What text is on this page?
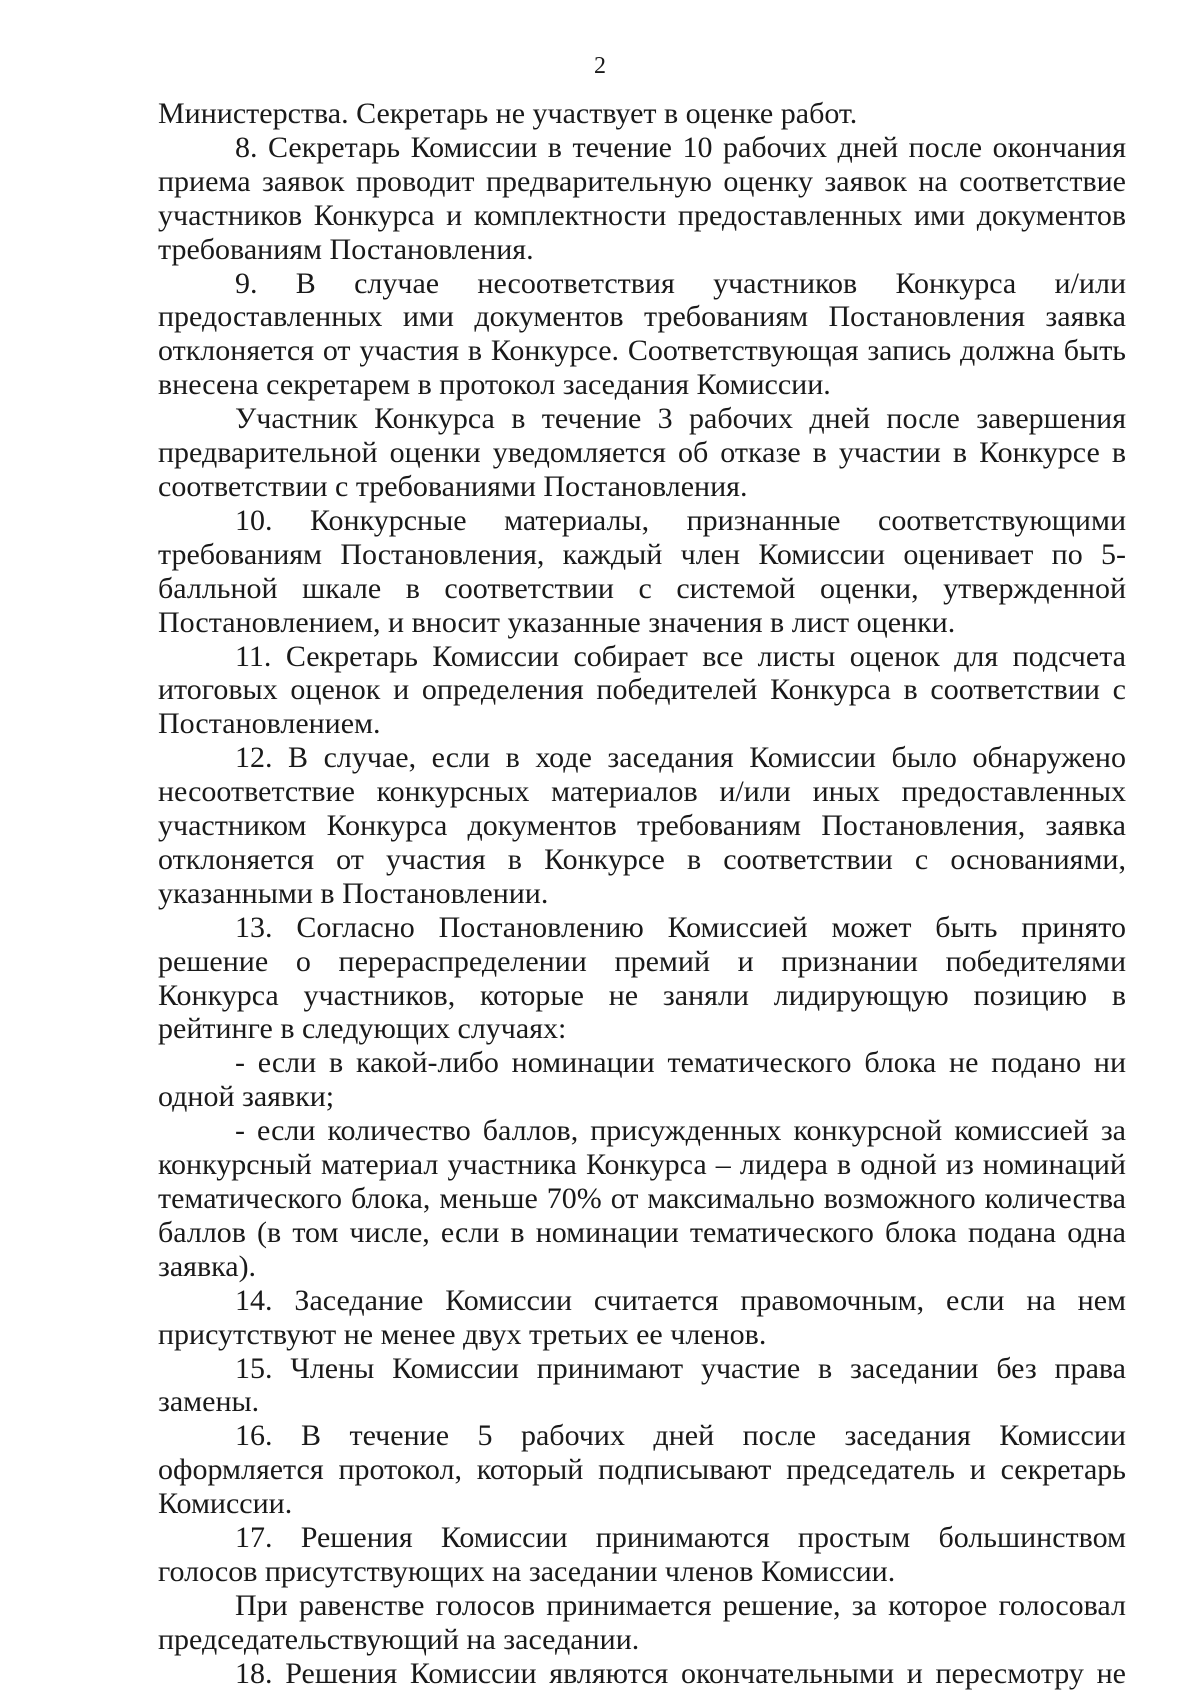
2

Министерства. Секретарь не участвует в оценке работ.

8. Секретарь Комиссии в течение 10 рабочих дней после окончания приема заявок проводит предварительную оценку заявок на соответствие участников Конкурса и комплектности предоставленных ими документов требованиям Постановления.

9. В случае несоответствия участников Конкурса и/или предоставленных ими документов требованиям Постановления заявка отклоняется от участия в Конкурсе. Соответствующая запись должна быть внесена секретарем в протокол заседания Комиссии.

Участник Конкурса в течение 3 рабочих дней после завершения предварительной оценки уведомляется об отказе в участии в Конкурсе в соответствии с требованиями Постановления.

10. Конкурсные материалы, признанные соответствующими требованиям Постановления, каждый член Комиссии оценивает по 5-балльной шкале в соответствии с системой оценки, утвержденной Постановлением, и вносит указанные значения в лист оценки.

11. Секретарь Комиссии собирает все листы оценок для подсчета итоговых оценок и определения победителей Конкурса в соответствии с Постановлением.

12. В случае, если в ходе заседания Комиссии было обнаружено несоответствие конкурсных материалов и/или иных предоставленных участником Конкурса документов требованиям Постановления, заявка отклоняется от участия в Конкурсе в соответствии с основаниями, указанными в Постановлении.

13. Согласно Постановлению Комиссией может быть принято решение о перераспределении премий и признании победителями Конкурса участников, которые не заняли лидирующую позицию в рейтинге в следующих случаях:

- если в какой-либо номинации тематического блока не подано ни одной заявки;

- если количество баллов, присужденных конкурсной комиссией за конкурсный материал участника Конкурса – лидера в одной из номинаций тематического блока, меньше 70% от максимально возможного количества баллов (в том числе, если в номинации тематического блока подана одна заявка).

14. Заседание Комиссии считается правомочным, если на нем присутствуют не менее двух третьих ее членов.

15. Члены Комиссии принимают участие в заседании без права замены.

16. В течение 5 рабочих дней после заседания Комиссии оформляется протокол, который подписывают председатель и секретарь Комиссии.

17. Решения Комиссии принимаются простым большинством голосов присутствующих на заседании членов Комиссии.

При равенстве голосов принимается решение, за которое голосовал председательствующий на заседании.

18. Решения Комиссии являются окончательными и пересмотру не
